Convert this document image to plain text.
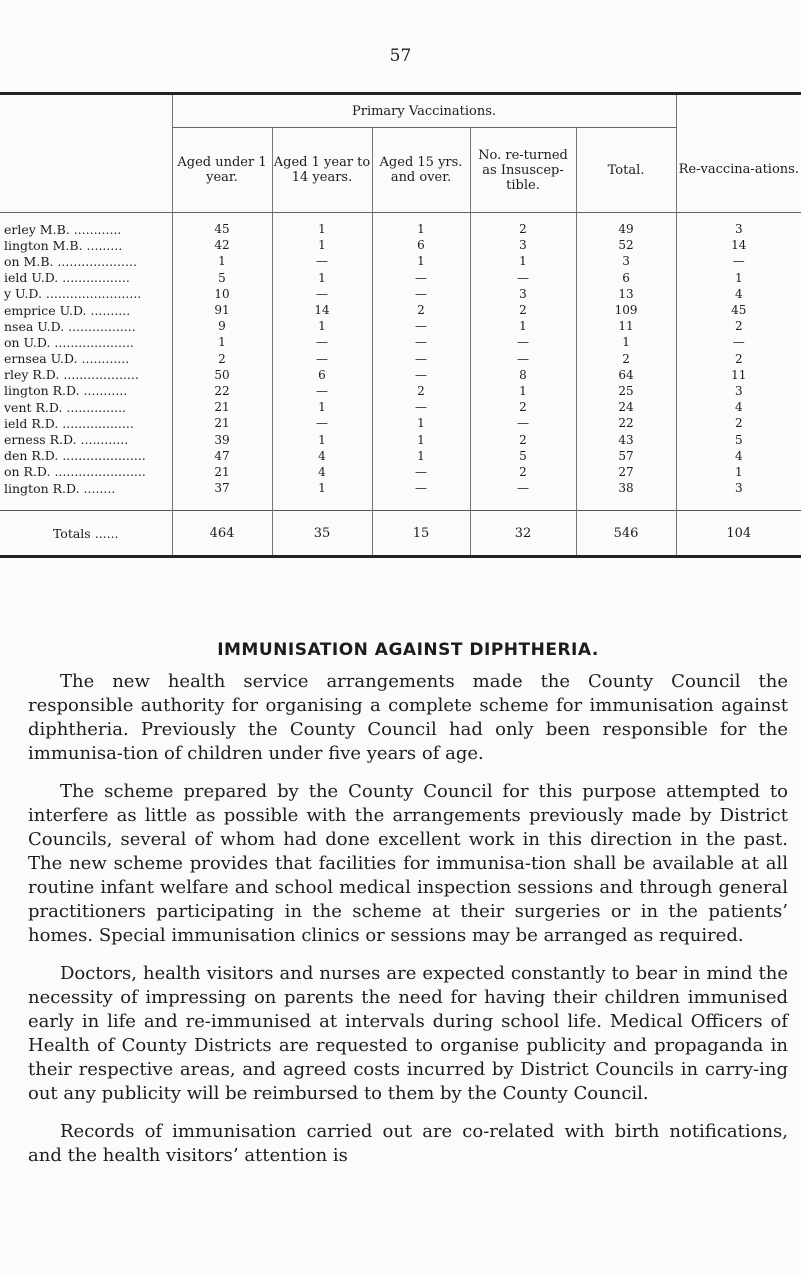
57
	Primary Vaccinations.					
	Aged under 1 year.	Aged 1 year to 14 years.	Aged 15 yrs. and over.	No. re-turned as Insuscep-tible.	Total.	Re-vaccina-ations.
erley M.B. ............	45	1	1	2	49	3
lington M.B. .........	42	1	6	3	52	14
on M.B. ....................	1	—	1	1	3	—
ield U.D. .................	5	1	—	—	6	1
y U.D. ........................	10	—	—	3	13	4
emprice U.D. ..........	91	14	2	2	109	45
nsea U.D. .................	9	1	—	1	11	2
on U.D. ....................	1	—	—	—	1	—
ernsea U.D. ............	2	—	—	—	2	2
rley R.D. ...................	50	6	—	8	64	11
lington R.D. ...........	22	—	2	1	25	3
vent R.D. ...............	21	1	—	2	24	4
ield R.D. ..................	21	—	1	—	22	2
erness R.D. ............	39	1	1	2	43	5
den R.D. .....................	47	4	1	5	57	4
on R.D. .......................	21	4	—	2	27	1
lington R.D. ........	37	1	—	—	38	3

Totals ......	464	35	15	32	546	104
IMMUNISATION AGAINST DIPHTHERIA.

The new health service arrangements made the County Council the responsible authority for organising a complete scheme for immunisation against diphtheria. Previously the County Council had only been responsible for the immunisa-tion of children under five years of age.

The scheme prepared by the County Council for this purpose attempted to interfere as little as possible with the arrangements previously made by District Councils, several of whom had done excellent work in this direction in the past. The new scheme provides that facilities for immunisa-tion shall be available at all routine infant welfare and school medical inspection sessions and through general practitioners participating in the scheme at their surgeries or in the patients’ homes. Special immunisation clinics or sessions may be arranged as required.

Doctors, health visitors and nurses are expected constantly to bear in mind the necessity of impressing on parents the need for having their children immunised early in life and re-immunised at intervals during school life. Medical Officers of Health of County Districts are requested to organise publicity and propaganda in their respective areas, and agreed costs incurred by District Councils in carry-ing out any publicity will be reimbursed to them by the County Council.

Records of immunisation carried out are co-related with birth notifications, and the health visitors’ attention is
